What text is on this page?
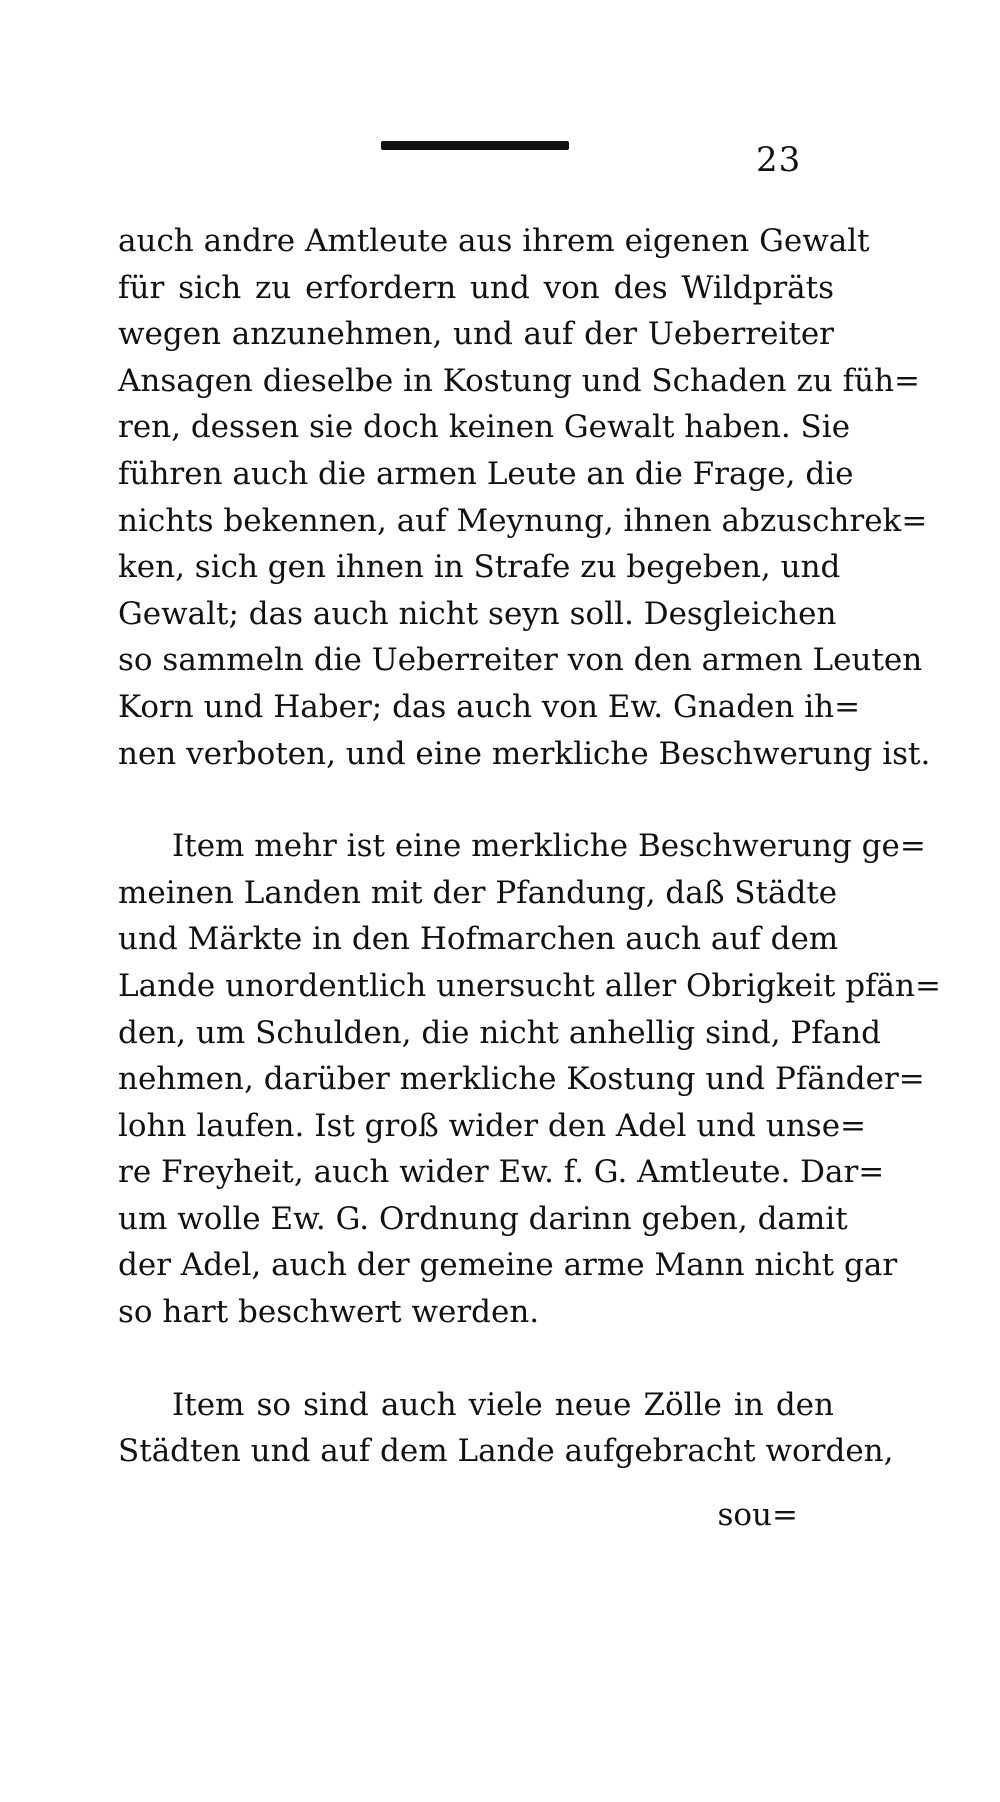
23
auch andre Amtleute aus ihrem eigenen Gewalt
für sich zu erfordern und von des Wildpräts
wegen anzunehmen, und auf der Ueberreiter
Ansagen dieselbe in Kostung und Schaden zu füh=
ren, dessen sie doch keinen Gewalt haben. Sie
führen auch die armen Leute an die Frage, die
nichts bekennen, auf Meynung, ihnen abzuschrek=
ken, sich gen ihnen in Strafe zu begeben, und
Gewalt; das auch nicht seyn soll. Desgleichen
so sammeln die Ueberreiter von den armen Leuten
Korn und Haber; das auch von Ew. Gnaden ih=
nen verboten, und eine merkliche Beschwerung ist.
Item mehr ist eine merkliche Beschwerung ge=
meinen Landen mit der Pfandung, daß Städte
und Märkte in den Hofmarchen auch auf dem
Lande unordentlich unersucht aller Obrigkeit pfän=
den, um Schulden, die nicht anhellig sind, Pfand
nehmen, darüber merkliche Kostung und Pfänder=
lohn laufen. Ist groß wider den Adel und unse=
re Freyheit, auch wider Ew. f. G. Amtleute. Dar=
um wolle Ew. G. Ordnung darinn geben, damit
der Adel, auch der gemeine arme Mann nicht gar
so hart beschwert werden.
Item so sind auch viele neue Zölle in den
Städten und auf dem Lande aufgebracht worden,
sou=
